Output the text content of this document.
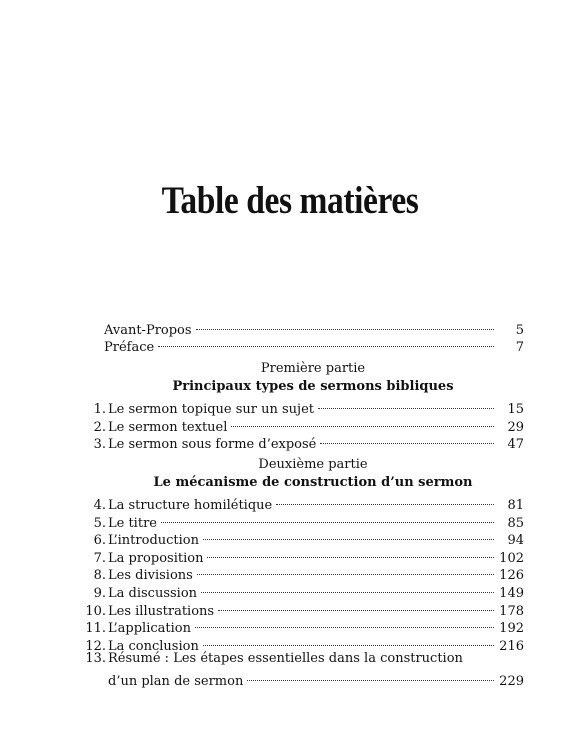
Table des matières
Avant-Propos	5
Préface	7
Première partie
Principaux types de sermons bibliques
1. Le sermon topique sur un sujet	15
2. Le sermon textuel	29
3. Le sermon sous forme d’exposé	47
Deuxième partie
Le mécanisme de construction d’un sermon
4. La structure homilétique	81
5. Le titre	85
6. L’introduction	94
7. La proposition	102
8. Les divisions	126
9. La discussion	149
10. Les illustrations	178
11. L’application	192
12. La conclusion	216
13. Résumé : Les étapes essentielles dans la construction
d’un plan de sermon	229
